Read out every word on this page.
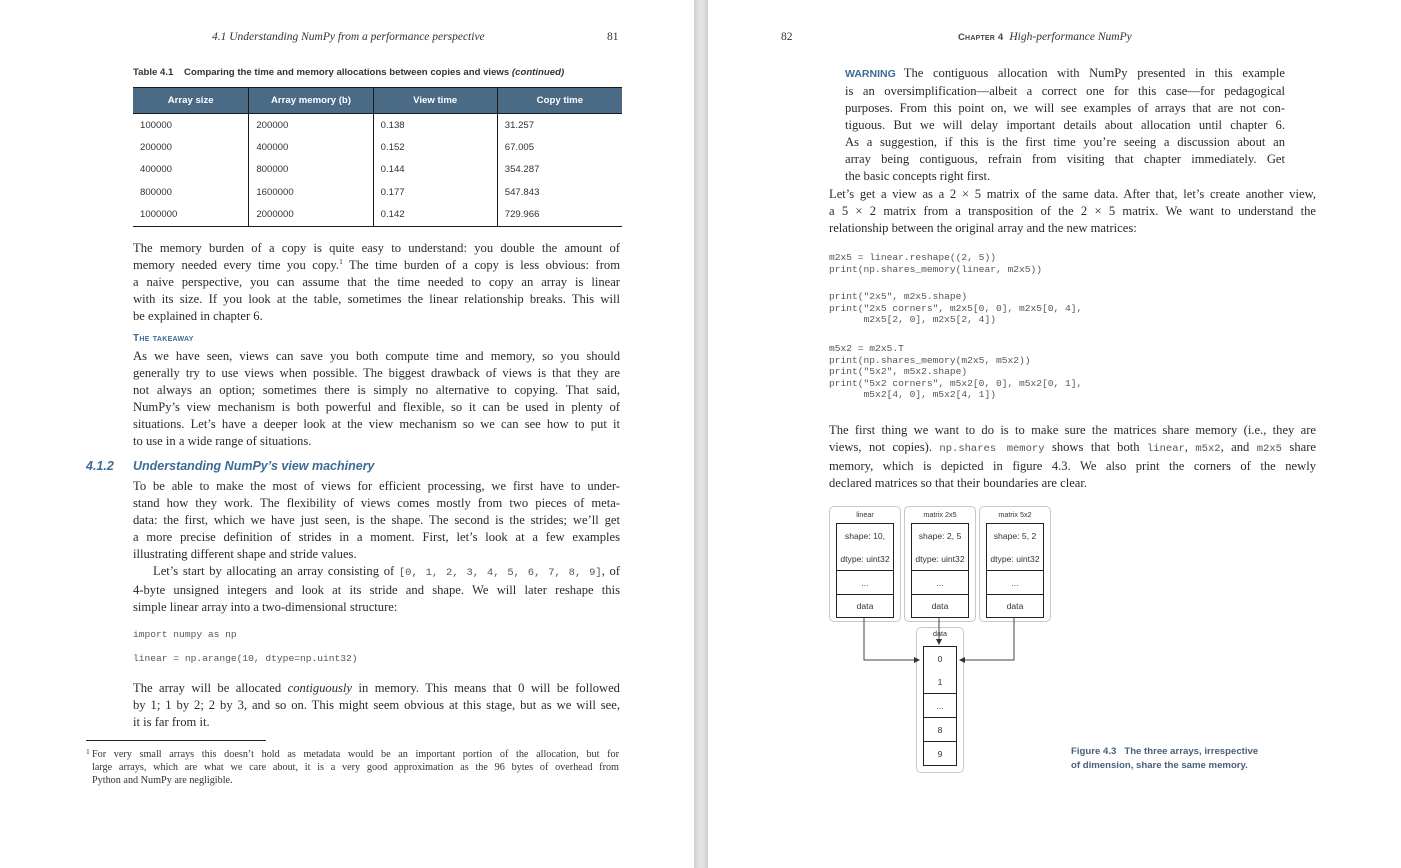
4.1 Understanding NumPy from a performance perspective	81
Table 4.1 Comparing the time and memory allocations between copies and views (continued)
Array size	Array memory (b)	View time	Copy time
100000	200000	0.138	31.257
200000	400000	0.152	67.005
400000	800000	0.144	354.287
800000	1600000	0.177	547.843
1000000	2000000	0.142	729.966
The memory burden of a copy is quite easy to understand: you double the amount of
memory needed every time you copy.$^1$ The time burden of a copy is less obvious: from
a naive perspective, you can assume that the time needed to copy an array is linear
with its size. If you look at the table, sometimes the linear relationship breaks. This will
be explained in chapter 6.
The takeaway
As we have seen, views can save you both compute time and memory, so you should
generally try to use views when possible. The biggest drawback of views is that they are
not always an option; sometimes there is simply no alternative to copying. That said,
NumPy’s view mechanism is both powerful and flexible, so it can be used in plenty of
situations. Let’s have a deeper look at the view mechanism so we can see how to put it
to use in a wide range of situations.
4.1.2 Understanding NumPy’s view machinery
To be able to make the most of views for efficient processing, we first have to under-
stand how they work. The flexibility of views comes mostly from two pieces of meta-
data: the first, which we have just seen, is the shape. The second is the strides; we’ll get
a more precise definition of strides in a moment. First, let’s look at a few examples
illustrating different shape and stride values.
Let’s start by allocating an array consisting of [0, 1, 2, 3, 4, 5, 6, 7, 8, 9], of
4-byte unsigned integers and look at its stride and shape. We will later reshape this
simple linear array into a two-dimensional structure:
import numpy as np
linear = np.arange(10, dtype=np.uint32)
The array will be allocated contiguously in memory. This means that 0 will be followed
by 1; 1 by 2; 2 by 3, and so on. This might seem obvious at this stage, but as we will see,
it is far from it.
1 For very small arrays this doesn’t hold as metadata would be an important portion of the allocation, but for
large arrays, which are what we care about, it is a very good approximation as the 96 bytes of overhead from
Python and NumPy are negligible.
82	Chapter 4 High-performance NumPy
WARNING The contiguous allocation with NumPy presented in this example
is an oversimplification—albeit a correct one for this case—for pedagogical
purposes. From this point on, we will see examples of arrays that are not con-
tiguous. But we will delay important details about allocation until chapter 6.
As a suggestion, if this is the first time you’re seeing a discussion about an
array being contiguous, refrain from visiting that chapter immediately. Get
the basic concepts right first.
Let’s get a view as a 2 × 5 matrix of the same data. After that, let’s create another view,
a 5 × 2 matrix from a transposition of the 2 × 5 matrix. We want to understand the
relationship between the original array and the new matrices:
m2x5 = linear.reshape((2, 5))
print(np.shares_memory(linear, m2x5))
print("2x5", m2x5.shape)
print("2x5 corners", m2x5[0, 0], m2x5[0, 4],
m2x5[2, 0], m2x5[2, 4])
m5x2 = m2x5.T
print(np.shares_memory(m2x5, m5x2))
print("5x2", m5x2.shape)
print("5x2 corners", m5x2[0, 0], m5x2[0, 1],
m5x2[4, 0], m5x2[4, 1])
The first thing we want to do is to make sure the matrices share memory (i.e., they are
views, not copies). np.shares memory shows that both linear, m5x2, and m2x5 share
memory, which is depicted in figure 4.3. We also print the corners of the newly
declared matrices so that their boundaries are clear.
linear
shape: 10,
dtype: uint32
...
data
matrix 2x5
shape: 2, 5
dtype: uint32
...
data
matrix 5x2
shape: 5, 2
dtype: uint32
...
data
data
0
1
...
8
9	Figure 4.3 The three arrays, irrespective
of dimension, share the same memory.
